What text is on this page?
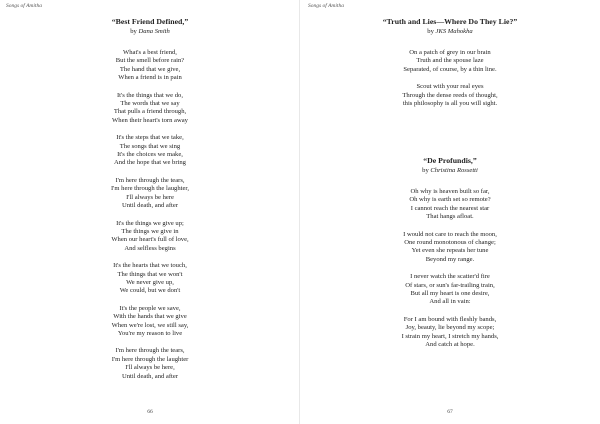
Songs of Amitha
“Best Friend Defined,”
by Dana Smith
What's a best friend,
But the smell before rain?
The hand that we give,
When a friend is in pain
It's the things that we do,
The words that we say
That pulls a friend through,
When their heart's torn away
It's the steps that we take,
The songs that we sing
It's the choices we make,
And the hope that we bring
I'm here through the tears,
I'm here through the laughter,
I'll always be here
Until death, and after
It's the things we give up;
The things we give in
When our heart's full of love,
And selfless begins
It's the hearts that we touch,
The things that we won't
We never give up,
We could, but we don't
It's the people we save,
With the hands that we give
When we're lost, we still say,
You're my reason to live
I'm here through the tears,
I'm here through the laughter
I'll always be here,
Until death, and after
66
Songs of Amitha
“Truth and Lies—Where Do They Lie?”
by JKS Mahokha
On a patch of grey in our brain
Truth and the spouse laze
Separated, of course, by a thin line.
Scout with your real eyes
Through the dense reeds of thought,
this philosophy is all you will sight.
“De Profundis,”
by Christina Rossetti
Oh why is heaven built so far,
Oh why is earth set so remote?
I cannot reach the nearest star
That hangs afloat.
I would not care to reach the moon,
One round monotonous of change;
Yet even she repeats her tune
Beyond my range.
I never watch the scatter'd fire
Of stars, or sun's far-trailing train,
But all my heart is one desire,
And all in vain:
For I am bound with fleshly bands,
Joy, beauty, lie beyond my scope;
I strain my heart, I stretch my hands,
And catch at hope.
67
